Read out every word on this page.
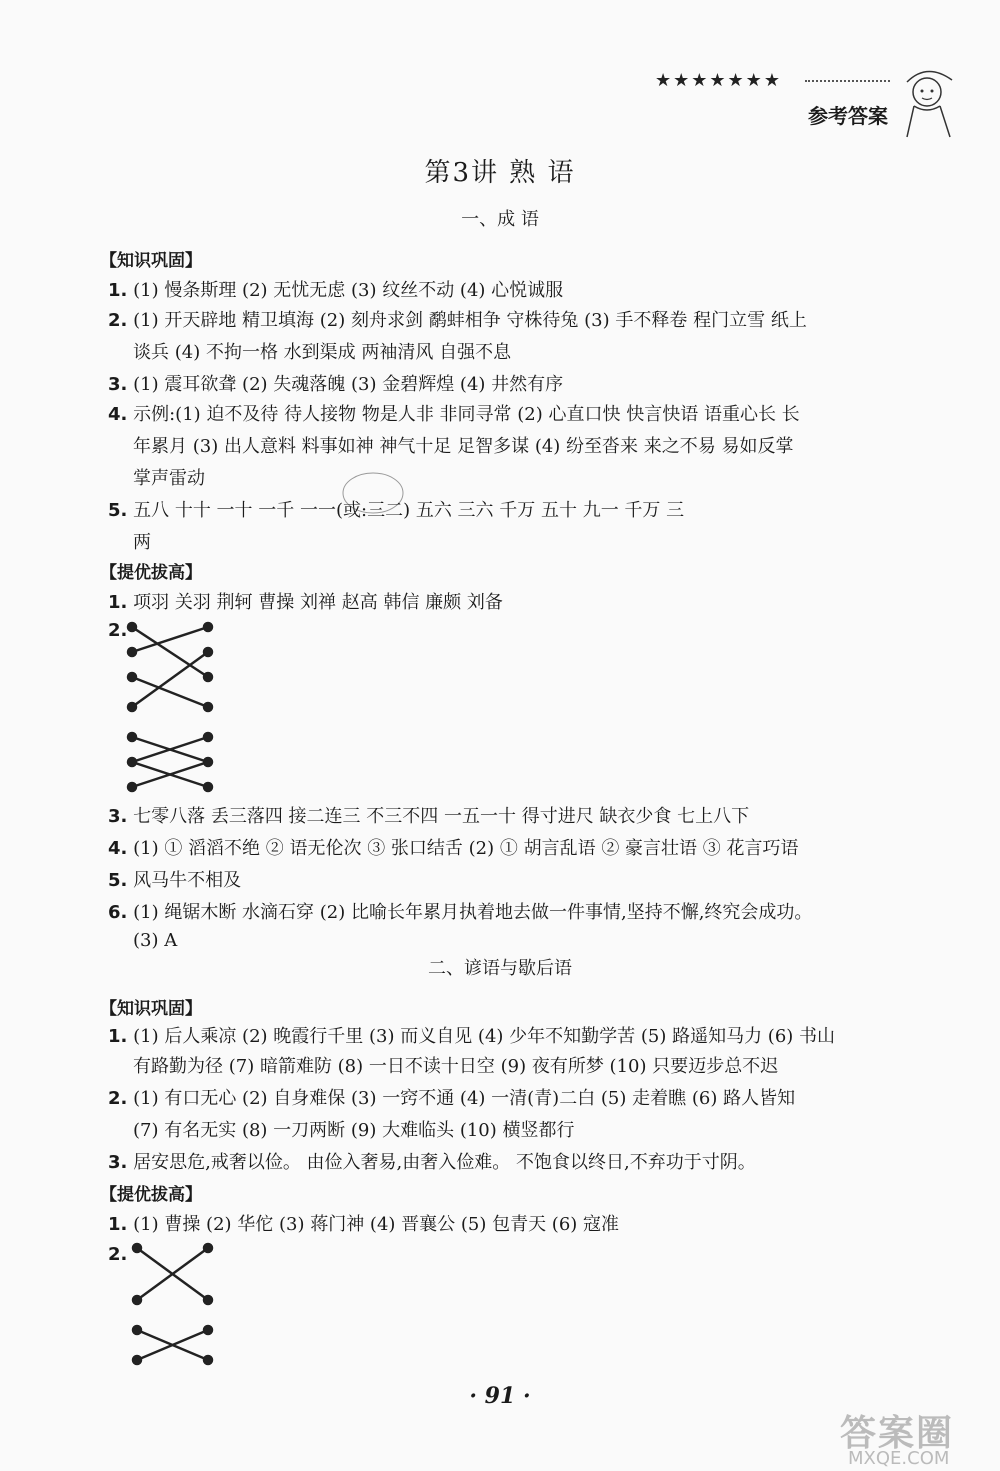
★★★★★★★
参考答案
第3讲 熟 语
一、成 语
【知识巩固】
1. (1) 慢条斯理 (2) 无忧无虑 (3) 纹丝不动 (4) 心悦诚服
2. (1) 开天辟地 精卫填海 (2) 刻舟求剑 鹬蚌相争 守株待兔 (3) 手不释卷 程门立雪 纸上
谈兵 (4) 不拘一格 水到渠成 两袖清风 自强不息
3. (1) 震耳欲聋 (2) 失魂落魄 (3) 金碧辉煌 (4) 井然有序
4. 示例:(1) 迫不及待 待人接物 物是人非 非同寻常 (2) 心直口快 快言快语 语重心长 长
年累月 (3) 出人意料 料事如神 神气十足 足智多谋 (4) 纷至沓来 来之不易 易如反掌
掌声雷动
5. 五八 十十 一十 一千 一一(或:三二) 五六 三六 千万 五十 九一 千万 三
两
【提优拔高】
1. 项羽 关羽 荆轲 曹操 刘禅 赵高 韩信 廉颇 刘备
2.
3. 七零八落 丢三落四 接二连三 不三不四 一五一十 得寸进尺 缺衣少食 七上八下
4. (1) ① 滔滔不绝 ② 语无伦次 ③ 张口结舌 (2) ① 胡言乱语 ② 豪言壮语 ③ 花言巧语
5. 风马牛不相及
6. (1) 绳锯木断 水滴石穿 (2) 比喻长年累月执着地去做一件事情,坚持不懈,终究会成功。
(3) A
二、谚语与歇后语
【知识巩固】
1. (1) 后人乘凉 (2) 晚霞行千里 (3) 而义自见 (4) 少年不知勤学苦 (5) 路遥知马力 (6) 书山
有路勤为径 (7) 暗箭难防 (8) 一日不读十日空 (9) 夜有所梦 (10) 只要迈步总不迟
2. (1) 有口无心 (2) 自身难保 (3) 一窍不通 (4) 一清(青)二白 (5) 走着瞧 (6) 路人皆知
(7) 有名无实 (8) 一刀两断 (9) 大难临头 (10) 横竖都行
3. 居安思危,戒奢以俭。 由俭入奢易,由奢入俭难。 不饱食以终日,不弃功于寸阴。
【提优拔高】
1. (1) 曹操 (2) 华佗 (3) 蒋门神 (4) 晋襄公 (5) 包青天 (6) 寇准
2.
· 91 ·
答案圈
MXQE.COM
